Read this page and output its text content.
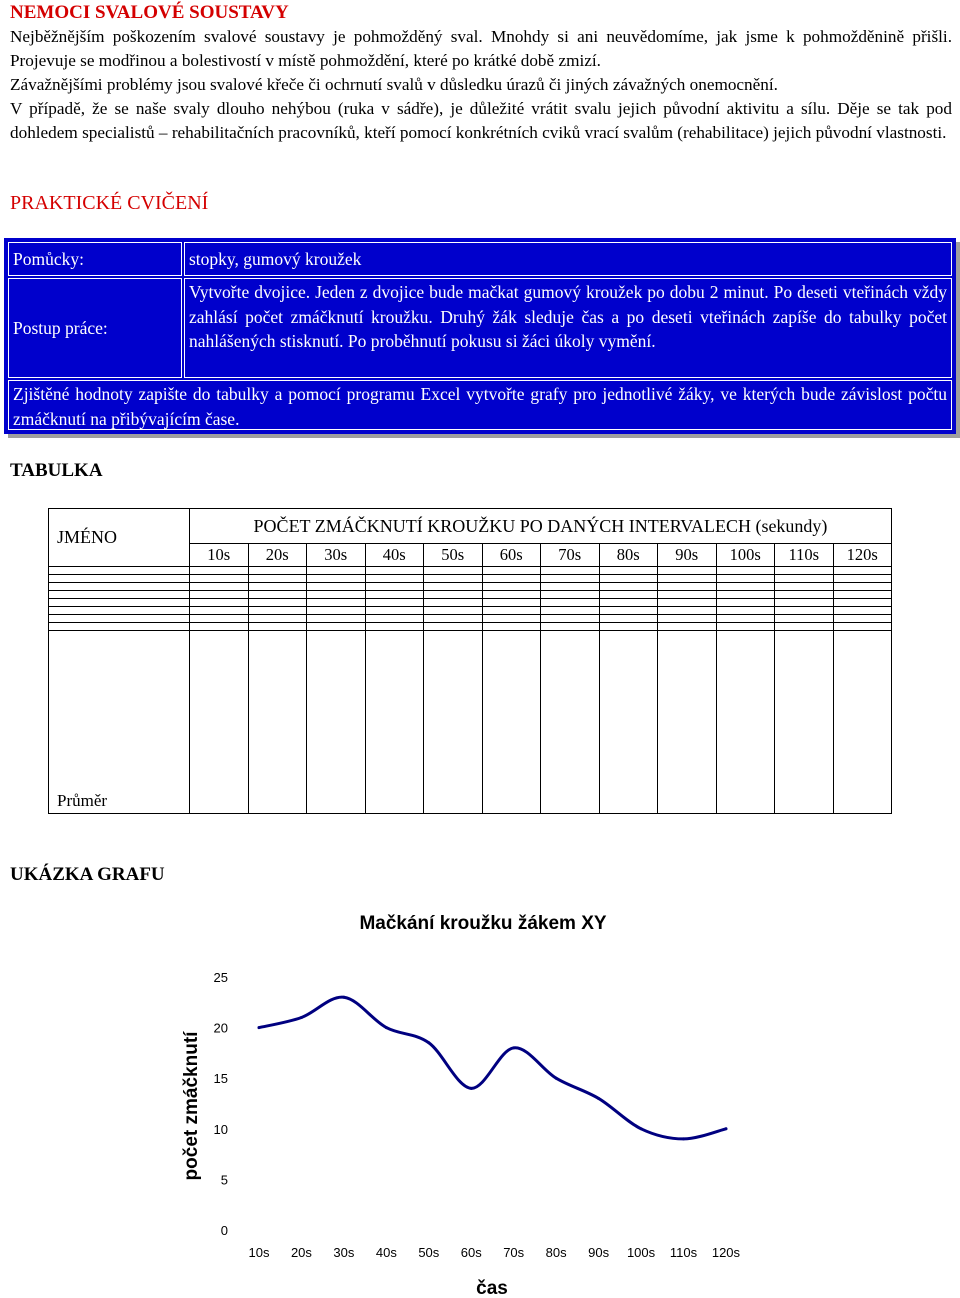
NEMOCI SVALOVÉ SOUSTAVY

Nejběžnějším poškozením svalové soustavy je pohmožděný sval. Mnohdy si ani neuvědomíme, jak jsme k pohmožděnině přišli. Projevuje se modřinou a bolestivostí v místě pohmoždění, které po krátké době zmizí.

Závažnějšími problémy jsou svalové křeče či ochrnutí svalů v důsledku úrazů či jiných závažných onemocnění.

V případě, že se naše svaly dlouho nehýbou (ruka v sádře), je důležité vrátit svalu jejich původní aktivitu a sílu. Děje se tak pod dohledem specialistů – rehabilitačních pracovníků, kteří pomocí konkrétních cviků vrací svalům (rehabilitace) jejich původní vlastnosti.

PRAKTICKÉ CVIČENÍ
Pomůcky:	stopky, gumový kroužek
Postup práce:
Vytvořte dvojice. Jeden z dvojice bude mačkat gumový kroužek po dobu 2 minut. Po deseti vteřinách vždy zahlásí počet zmáčknutí kroužku. Druhý žák sleduje čas a po deseti vteřinách zapíše do tabulky počet nahlášených stisknutí. Po proběhnutí pokusu si žáci úkoly vymění.
Zjištěné hodnoty zapište do tabulky a pomocí programu Excel vytvořte grafy pro jednotlivé žáky, ve kterých bude závislost počtu zmáčknutí na přibývajícím čase.
TABULKA
JMÉNO	POČET ZMÁČKNUTÍ KROUŽKU PO DANÝCH INTERVALECH (sekundy)											
	10s	20s	30s	40s	50s	60s	70s	80s	90s	100s	110s	120s

Průměr												
UKÁZKA GRAFU
Mačkání kroužku žákem XY
0
5
10
15
20
25
10s 20s 30s 40s 50s 60s 70s 80s 90s 100s 110s 120s
počet zmáčknutí
čas
